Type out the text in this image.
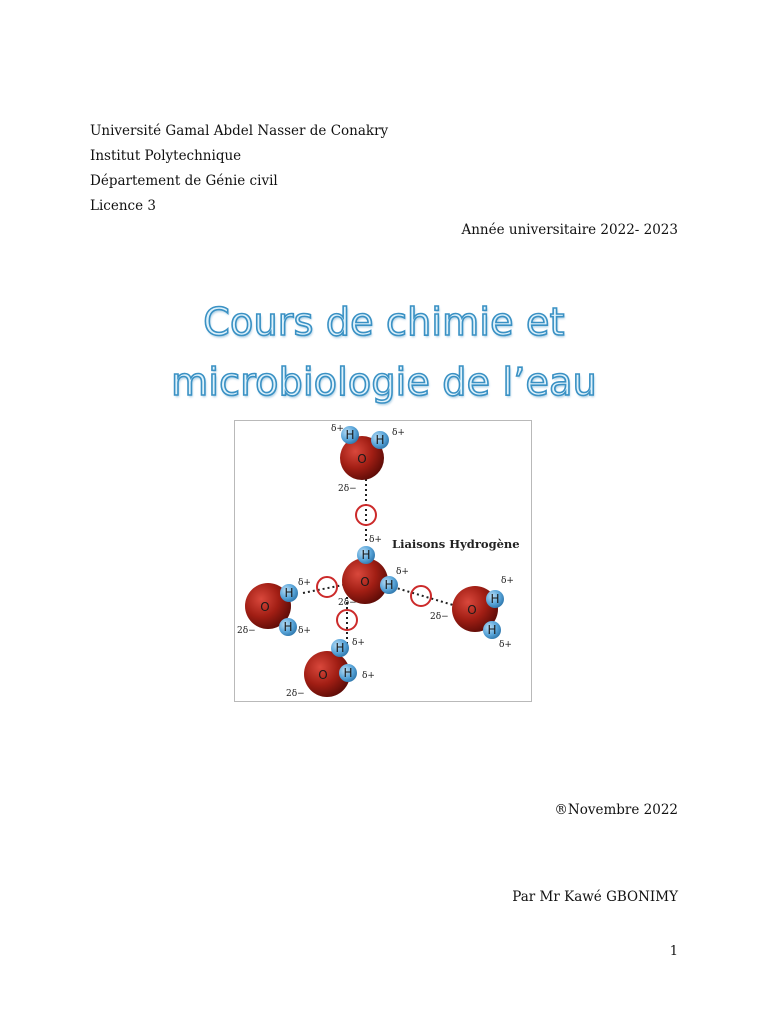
Université Gamal Abdel Nasser de Conakry
Institut Polytechnique
Département de Génie civil
Licence 3
Année universitaire 2022- 2023
Cours de chimie et
microbiologie de l’eau
O
O
O	O
O
H H
H
H
H
H
H
H
H
H
δ+	δ+
2δ−
δ+
δ+
2δ−
δ+
δ+
2δ−
2δ−
δ+
δ+
δ+
δ+
2δ−
Liaisons Hydrogène
®Novembre 2022
Par Mr Kawé GBONIMY
1
